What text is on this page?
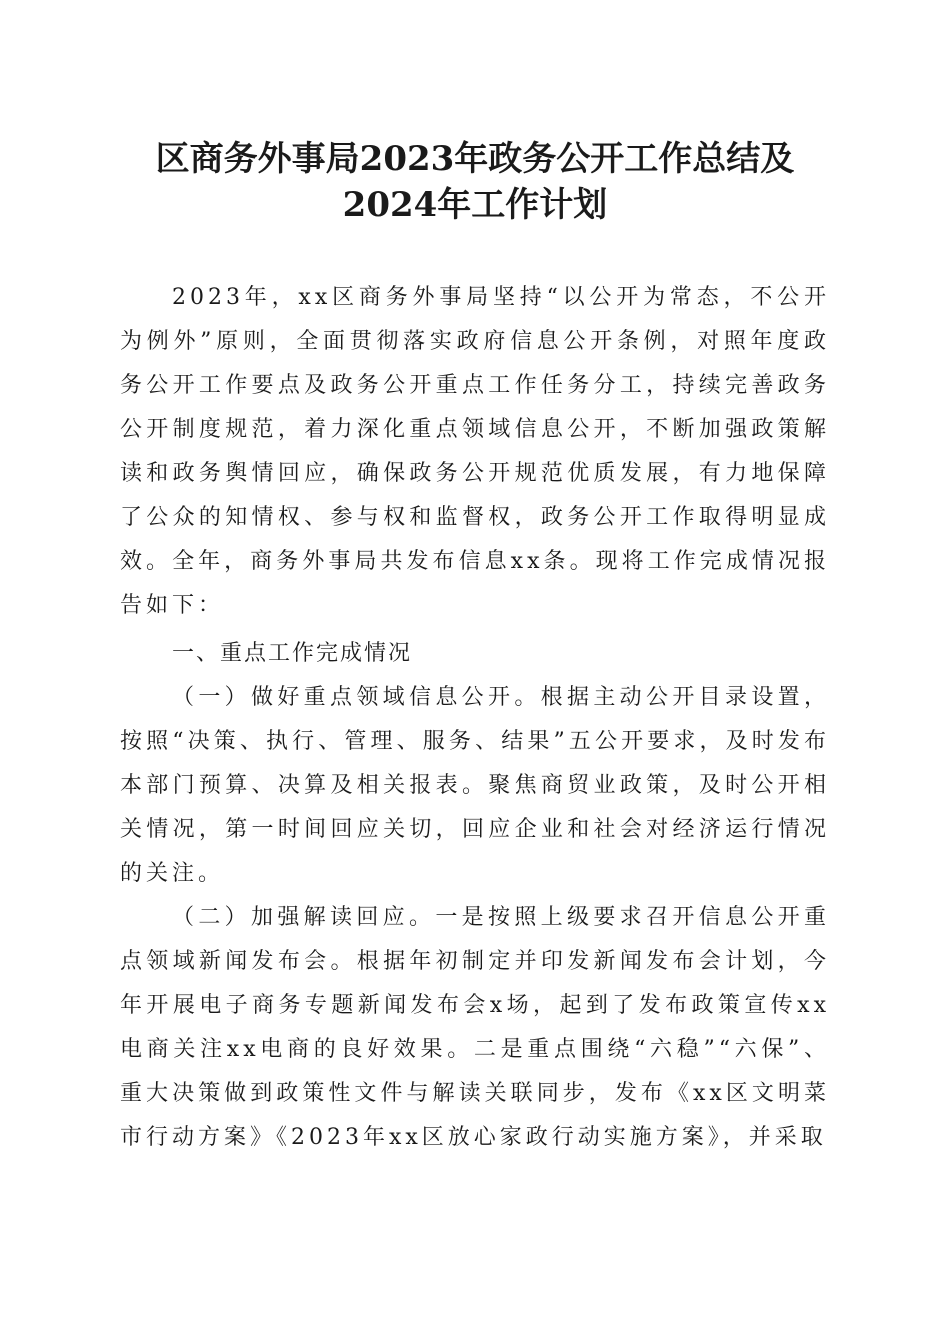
区商务外事局2023年政务公开工作总结及
2024年工作计划

2023年，xx区商务外事局坚持“以公开为常态，不公开为例外”原则，全面贯彻落实政府信息公开条例，对照年度政务公开工作要点及政务公开重点工作任务分工，持续完善政务公开制度规范，着力深化重点领域信息公开，不断加强政策解读和政务舆情回应，确保政务公开规范优质发展，有力地保障了公众的知情权、参与权和监督权，政务公开工作取得明显成效。全年，商务外事局共发布信息xx条。现将工作完成情况报告如下：

一、重点工作完成情况

（一）做好重点领域信息公开。根据主动公开目录设置，按照“决策、执行、管理、服务、结果”五公开要求，及时发布本部门预算、决算及相关报表。聚焦商贸业政策，及时公开相关情况，第一时间回应关切，回应企业和社会对经济运行情况的关注。

（二）加强解读回应。一是按照上级要求召开信息公开重点领域新闻发布会。根据年初制定并印发新闻发布会计划，今年开展电子商务专题新闻发布会x场，起到了发布政策宣传xx电商关注xx电商的良好效果。二是重点围绕“六稳”“六保”、重大决策做到政策性文件与解读关联同步，发布《xx区文明菜市行动方案》《2023年xx区放心家政行动实施方案》，并采取
